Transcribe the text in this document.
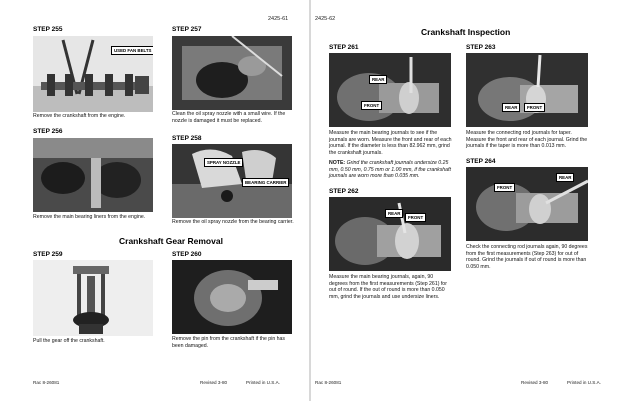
2425-61
STEP 255
USED FAN BELTS
Remove the crankshaft from the engine.
STEP 257
Clean the oil spray nozzle with a small wire. If the nozzle is damaged it must be replaced.
STEP 256
Remove the main bearing liners from the engine.
STEP 258
SPRAY NOZZLE
BEARING CARRIER
Remove the oil spray nozzle from the bearing carrier.
Crankshaft Gear Removal
STEP 259
Pull the gear off the crankshaft.
STEP 260
Remove the pin from the crankshaft if the pin has been damaged.
Rac 8-26081	Revised 3-80	Printed in U.S.A.
2425-62
Crankshaft Inspection
STEP 261
REAR
FRONT
Measure the main bearing journals to see if the journals are worn. Measure the front and rear of each journal. If the diameter is less than 82.962 mm, grind the crankshaft journals.
NOTE: Grind the crankshaft journals undersize 0.25 mm, 0.50 mm, 0.75 mm or 1.00 mm, if the crankshaft journals are worn more than 0.035 mm.
STEP 262
REAR
FRONT
Measure the main bearing journals, again, 90 degrees from the first measurements (Step 261) for out of round. If the out of round is more than 0.050 mm, grind the journals and use undersize liners.
STEP 263
REAR	FRONT
Measure the connecting rod journals for taper. Measure the front and rear of each journal. Grind the journals if the taper is more than 0.013 mm.
STEP 264
REAR
FRONT
Check the connecting rod journals again, 90 degrees from the first measurements (Step 263) for out of round. Grind the journals if out of round is more than 0.050 mm.
Rac 8-26081	Revised 3-80	Printed in U.S.A.
